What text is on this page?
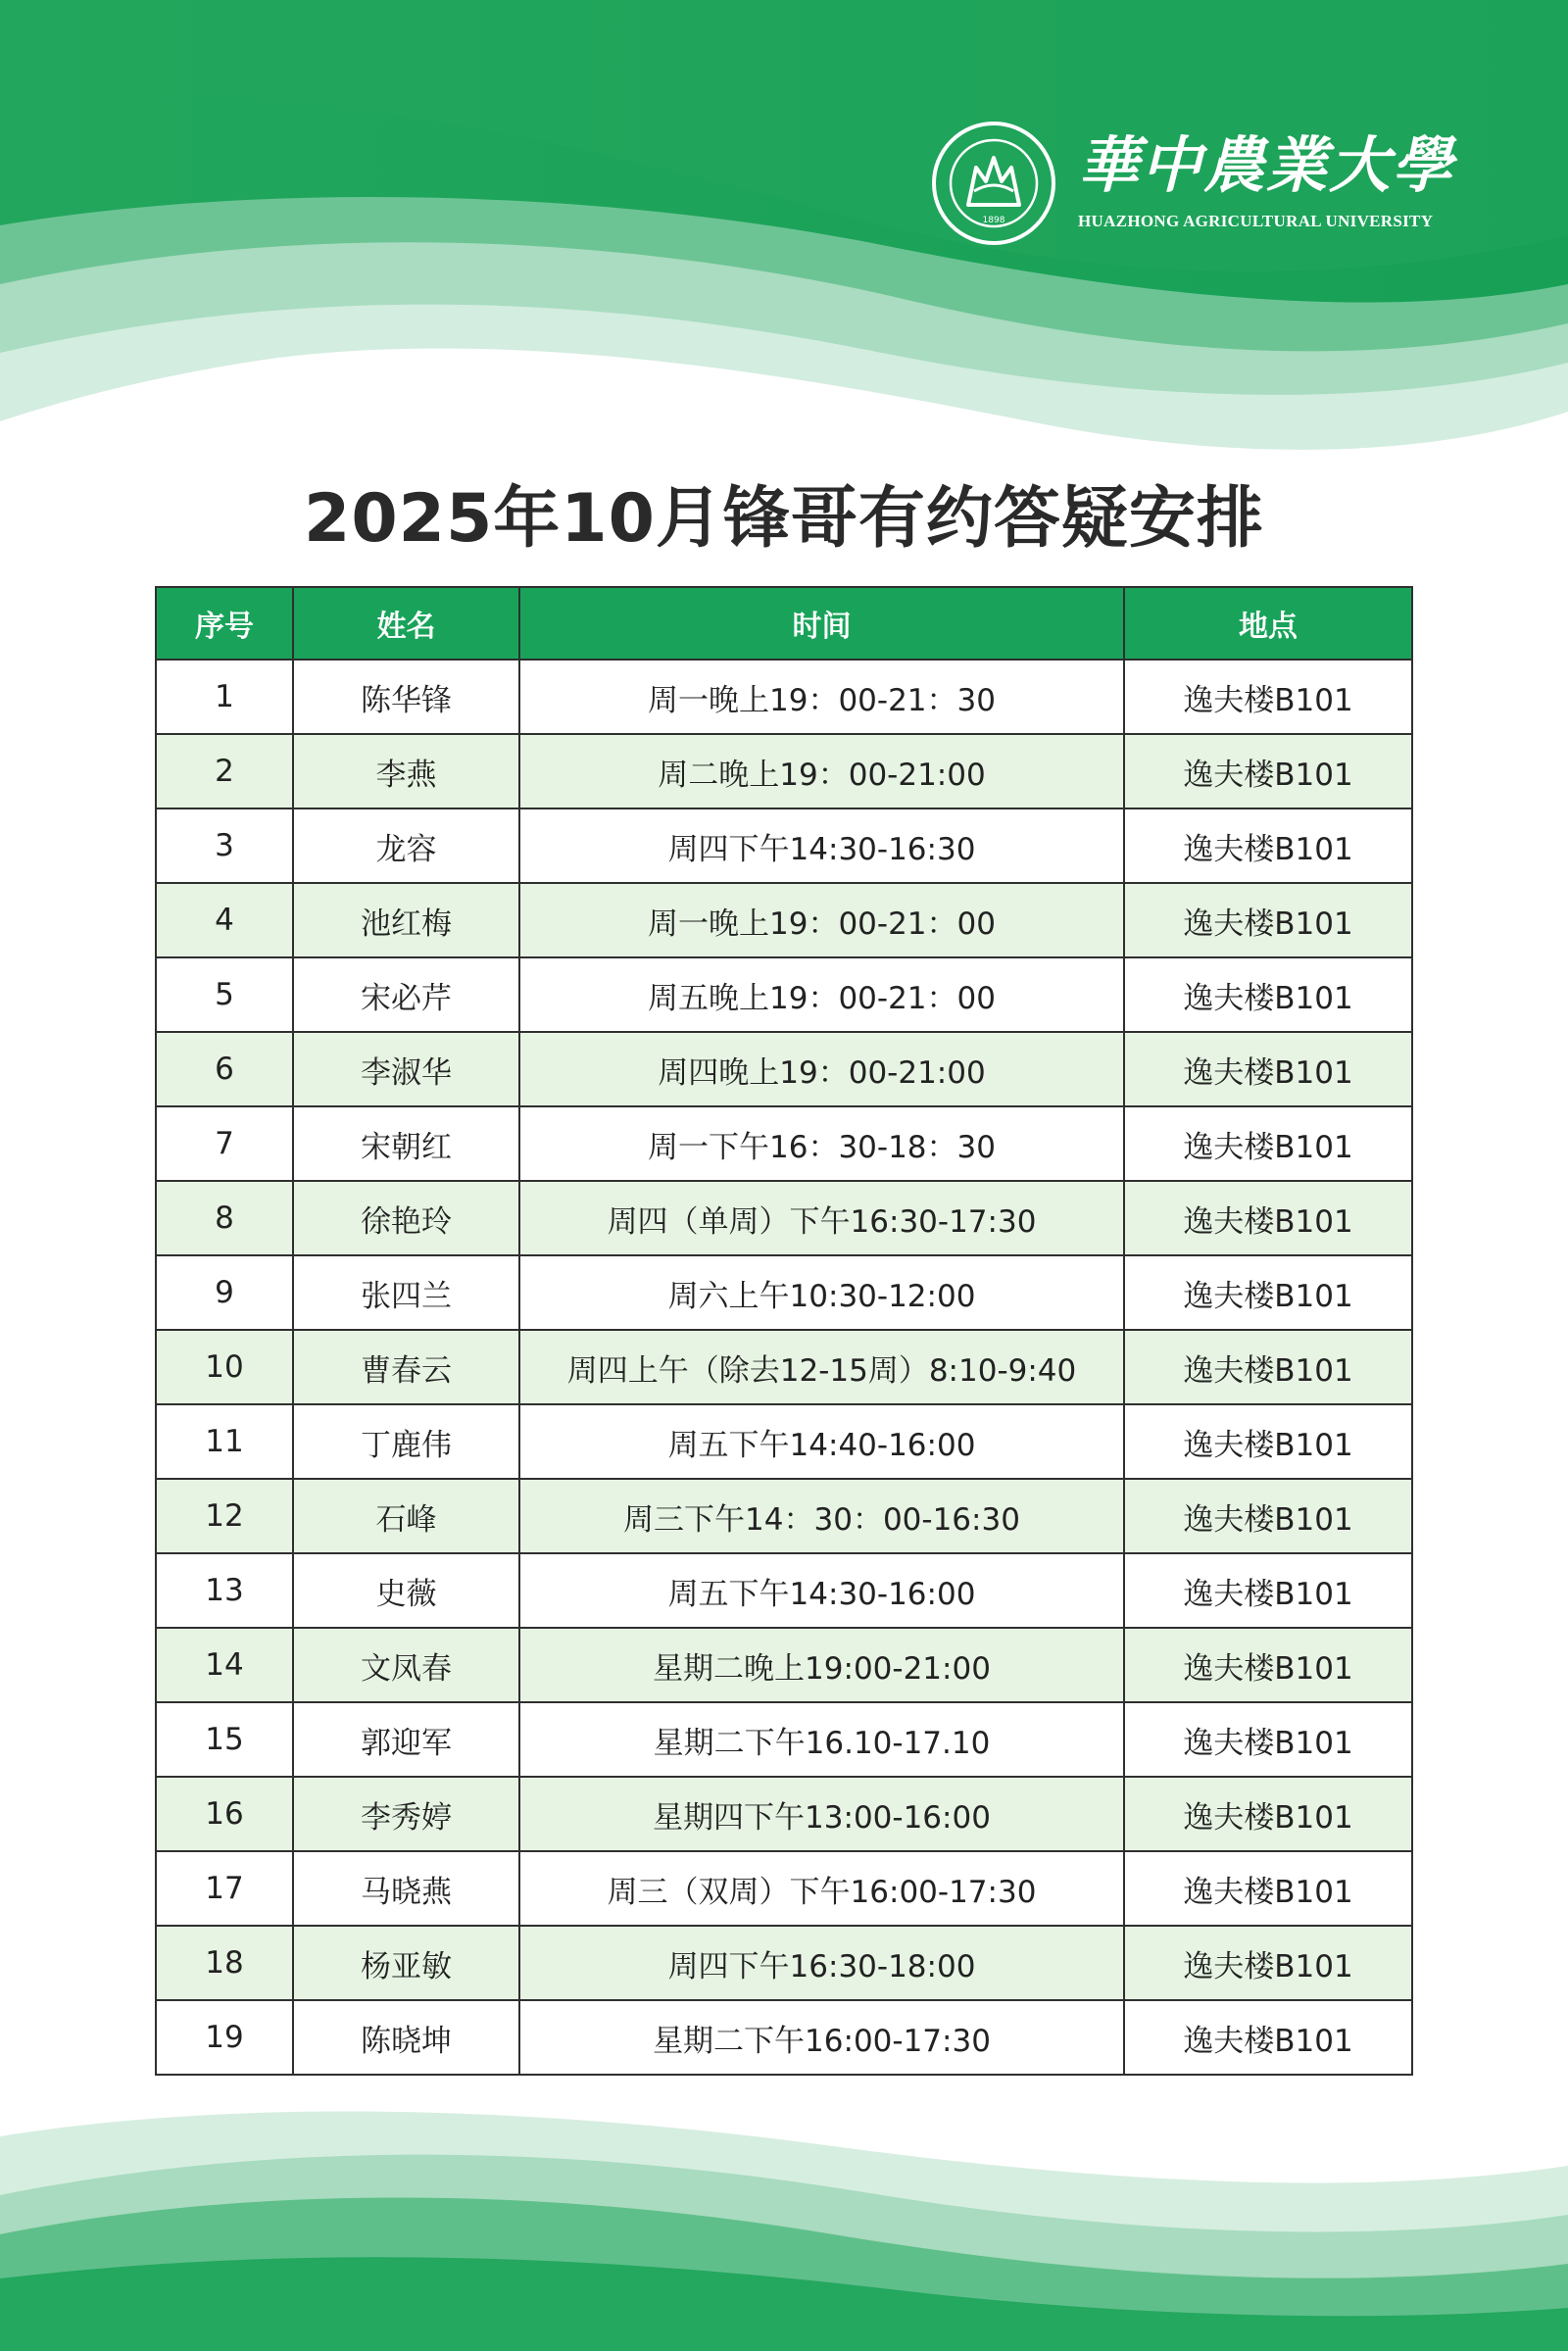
1898
華中農業大學
HUAZHONG AGRICULTURAL UNIVERSITY
2025年10月锋哥有约答疑安排
序号	姓名	时间	地点
1	陈华锋	周一晚上19：00-21：30	逸夫楼B101
2	李燕	周二晚上19：00-21:00	逸夫楼B101
3	龙容	周四下午14:30-16:30	逸夫楼B101
4	池红梅	周一晚上19：00-21：00	逸夫楼B101
5	宋必芹	周五晚上19：00-21：00	逸夫楼B101
6	李淑华	周四晚上19：00-21:00	逸夫楼B101
7	宋朝红	周一下午16：30-18：30	逸夫楼B101
8	徐艳玲	周四（单周）下午16:30-17:30	逸夫楼B101
9	张四兰	周六上午10:30-12:00	逸夫楼B101
10	曹春云	周四上午（除去12-15周）8:10-9:40	逸夫楼B101
11	丁鹿伟	周五下午14:40-16:00	逸夫楼B101
12	石峰	周三下午14：30：00-16:30	逸夫楼B101
13	史薇	周五下午14:30-16:00	逸夫楼B101
14	文凤春	星期二晚上19:00-21:00	逸夫楼B101
15	郭迎军	星期二下午16.10-17.10	逸夫楼B101
16	李秀婷	星期四下午13:00-16:00	逸夫楼B101
17	马晓燕	周三（双周）下午16:00-17:30	逸夫楼B101
18	杨亚敏	周四下午16:30-18:00	逸夫楼B101
19	陈晓坤	星期二下午16:00-17:30	逸夫楼B101
